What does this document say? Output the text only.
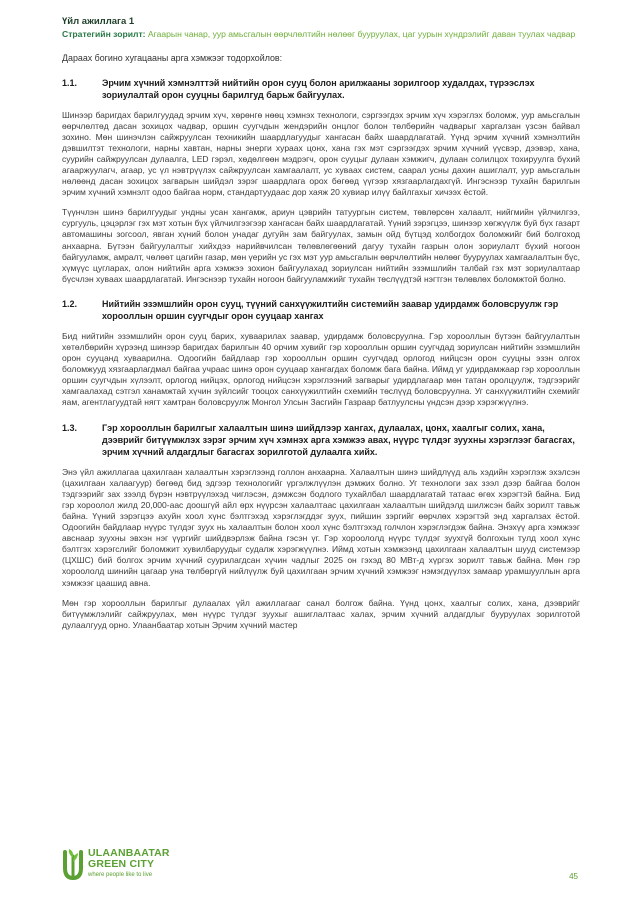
Үйл ажиллага 1
Стратегийн зорилт: Агаарын чанар, уур амьсгалын өөрчлөлтийн нөлөөг бууруулах, цаг уурын хүндрэлийг даван туулах чадвар
Дараах богино хугацааны арга хэмжээг тодорхойлов:
1.1.	Эрчим хүчний хэмнэлттэй нийтийн орон сууц болон арилжааны зорилгоор худалдах, түрээслэх зориулалтай орон сууцны барилгуд барьж байгуулах.

Шинээр баригдах барилгуудад эрчим хүч, хөрөнгө нөөц хэмнэх технологи, сэргээгдэх эрчим хүч хэрэглэх боломж, уур амьсгалын өөрчлөлтөд дасан зохицох чадвар, оршин суугчдын жендэрийн онцлог болон төлбөрийн чадварыг харгалзан үзсэн байвал зохино. Мөн шинэчлэн сайжруулсан техникийн шаардлагуудыг хангасан байх шаардлагатай. Үүнд эрчим хүчний хэмнэлтийн дэвшилтэт технологи, нарны хавтан, нарны энерги хураах цонх, хана гэх мэт сэргээгдэх эрчим хүчний үүсвэр, дээвэр, хана, суурийн сайжруулсан дулаалга, LED гэрэл, хөдөлгөөн мэдрэгч, орон сууцыг дулаан хэмжигч, дулаан солилцох тохируулга бүхий агааржуулагч, агаар, ус үл нэвтрүүлэх сайжруулсан хамгаалалт, ус хуваах систем, саарал усны дахин ашиглалт, уур амьсгалын нөлөөнд дасан зохицох загварын шийдэл зэрэг шаардлага орох бөгөөд үүгээр хязгаарлагдахгүй. Ингэснээр тухайн барилгын эрчим хүчний хэмнэлт одоо байгаа норм, стандартуудаас дор хаяж 20 хувиар илүү байлгахыг хичээх ёстой.

Түүнчлэн шинэ барилгуудыг ундны усан хангамж, ариун цэврийн татуургын систем, төвлөрсөн халаалт, нийгмийн үйлчилгээ, сургууль, цэцэрлэг гэх мэт хотын бүх үйлчилгээгээр хангасан байх шаардлагатай. Үүний зэрэгцээ, шинээр хөгжүүлж буй бүх газарт автомашины зогсоол, явган хүний болон унадаг дугуйн зам байгуулах, замын ойд бүтцэд холбогдох боломжийг бий болгоход анхаарна. Бүтээн байгуулалтыг хийхдээ нарийвчилсан төлөвлөгөөний дагуу тухайн газрын олон зориулалт бүхий ногоон байгууламж, амралт, чөлөөт цагийн газар, мөн үерийн ус гэх мэт уур амьсгалын өөрчлөлтийн нөлөөг бууруулах хамгаалалтын бүс, хүмүүс цугларах, олон нийтийн арга хэмжээ зохион байгуулахад зориулсан нийтийн эзэмшлийн талбай гэх мэт зориулалтаар бүсчлэн хуваах шаардлагатай. Ингэснээр тухайн ногоон байгууламжийг тухайн төслүүдтэй нэгтгэн төлөвлөх боломжтой болно.

1.2.	Нийтийн эзэмшлийн орон сууц, түүний санхүүжилтийн системийн заавар удирдамж боловсруулж гэр хорооллын оршин суугчдыг орон сууцаар хангах

Бид нийтийн эзэмшлийн орон сууц барих, хуваарилах заавар, удирдамж боловсруулна. Гэр хорооллын бүтээн байгуулалтын хөтөлбөрийн хүрээнд шинээр баригдах барилгын 40 орчим хувийг гэр хорооллын оршин суугчдад зориулсан нийтийн эзэмшлийн орон сууцанд хуваарилна. Одоогийн байдлаар гэр хорооллын оршин суугчдад орлогод нийцсэн орон сууцны эзэн олгох боломжууд хязгаарлагдмал байгаа учраас шинэ орон сууцаар хангагдах боломж бага байна. Иймд уг удирдамжаар гэр хорооллын оршин суугчдын хүлээлт, орлогод нийцэх, орлогод нийцсэн хэрэглээний загварыг удирдлагаар мөн татан оролцуулж, тэдгээрийг хамгаалахад сэтгэл ханамжтай хүчин зүйлсийг тооцох санхүүжилтийн схемийн төслүүд боловсруулна. Уг санхүүжилтийн схемийг яам, агентлагуудтай нягт хамтран боловсруулж Монгол Улсын Засгийн Газраар батлуулсны үндсэн дээр хэрэгжүүлнэ.

1.3.	Гэр хорооллын барилгыг халаалтын шинэ шийдлээр хангах, дулаалах, цонх, хаалгыг солих, хана, дээврийг битүүмжлэх зэрэг эрчим хүч хэмнэх арга хэмжээ авах, нүүрс түлдэг зуухны хэрэглээг багасгах, эрчим хүчний алдагдлыг багасгах зорилготой дулаалга хийх.

Энэ үйл ажиллагаа цахилгаан халаалтын хэрэглээнд голлон анхаарна. Халаалтын шинэ шийдлүүд аль хэдийн хэрэглэж эхэлсэн (цахилгаан халаагуур) бөгөөд бид эдгээр технологийг үргэлжлүүлэн дэмжих болно. Уг технологи зах зээл дээр байгаа болон тэдгээрийг зах зээлд бүрэн нэвтрүүлэхэд чиглэсэн, дэмжсэн бодлого тухайлбал шаардлагатай татаас өгөх хэрэгтэй байна. Бид гэр хороолол жилд 20,000-аас доошгүй айл өрх нүүрсэн халаалтаас цахилгаан халаалтын шийдэлд шилжсэн байх зорилт тавьж байна. Үүний зэрэгцээ ахуйн хоол хүнс бэлтгэхэд хэрэглэгддэг зуух, пийшин зэргийг өөрчлөх хэрэгтэй энд харгалзах ёстой. Одоогийн байдлаар нүүрс түлдэг зуух нь халаалтын болон хоол хүнс бэлтгэхэд голчлон хэрэглэгдэж байна. Энэхүү арга хэмжээг авснаар зуухны эвхэн нэг үүргийг шийдвэрлэж байна гэсэн үг. Гэр хороололд нүүрс түлдэг зуухгүй болгохын тулд хоол хүнс бэлтгэх хэрэгслийг боломжит хувилбаруудыг судалж хэрэгжүүлнэ. Иймд хотын хэмжээнд цахилгаан халаалтын шууд системээр (ЦХШС) бий болгох эрчим хүчний суурилагдсан хүчин чадлыг 2025 он гэхэд 80 МВт-д хүргэх зорилт тавьж байна. Мөн гэр хороололд шинийн цагаар уна төлбөргүй нийлүүлж буй цахилгаан эрчим хүчний хэмжээг нэмэгдүүлэх замаар урамшууллын арга хэмжээг цаашид авна.

Мөн гэр хорооллын барилгыг дулаалах үйл ажиллагааг санал болгож байна. Үүнд цонх, хаалгыг солих, хана, дээврийг битүүмжлэлийг сайжруулах, мөн нүүрс түлдэг зуухыг ашиглалтаас халах, эрчим хүчний алдагдлыг бууруулах зорилготой дулаалгууд орно. Улаанбаатар хотын Эрчим хүчний мастер

ULAANBAATAR
GREEN CITY
where people like to live	45
